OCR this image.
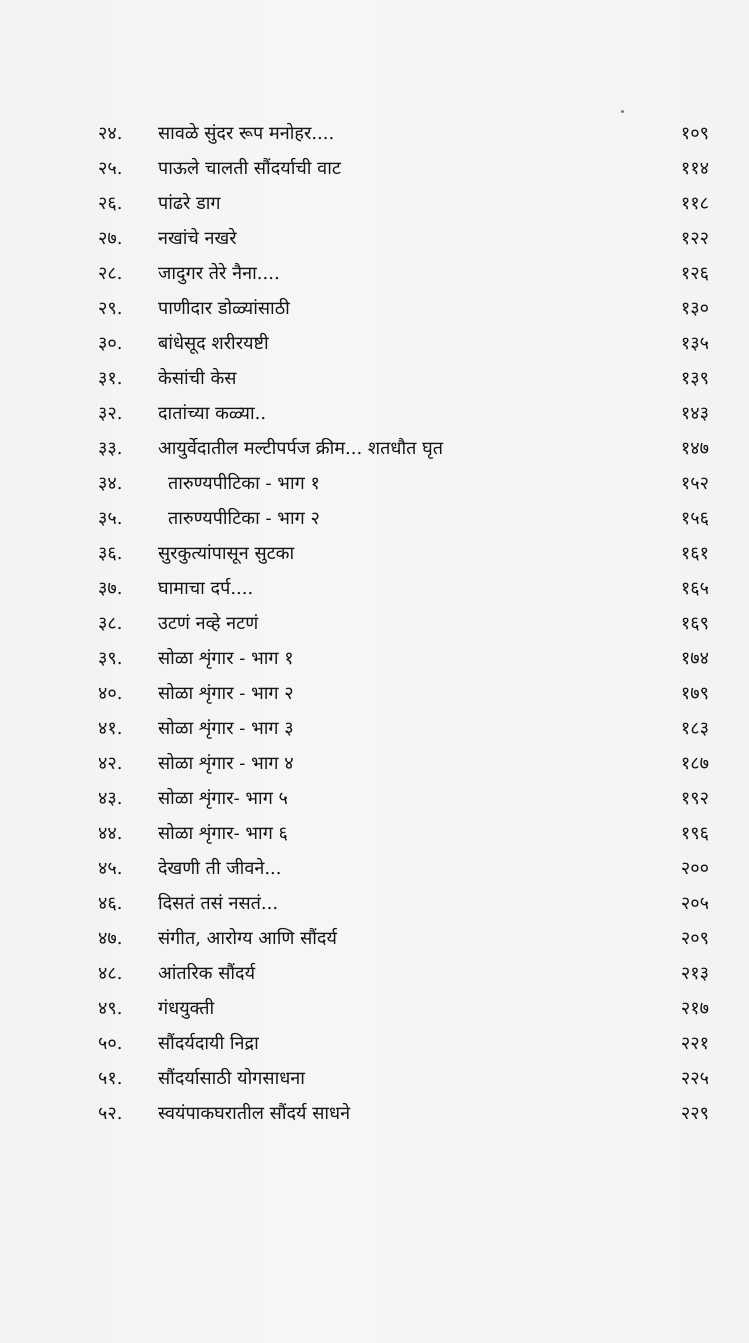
२४.	सावळे सुंदर रूप मनोहर....	१०९
२५.	पाऊले चालती सौंदर्याची वाट	११४
२६.	पांढरे डाग	११८
२७.	नखांचे नखरे	१२२
२८.	जादुगर तेरे नैना....	१२६
२९.	पाणीदार डोळ्यांसाठी	१३०
३०.	बांधेसूद शरीरयष्टी	१३५
३१.	केसांची केस	१३९
३२.	दातांच्या कळ्या..	१४३
३३.	आयुर्वेदातील मल्टीपर्पज क्रीम... शतधौत घृत	१४७
३४.	तारुण्यपीटिका - भाग १	१५२
३५.	तारुण्यपीटिका - भाग २	१५६
३६.	सुरकुत्यांपासून सुटका	१६१
३७.	घामाचा दर्प....	१६५
३८.	उटणं नव्हे नटणं	१६९
३९.	सोळा शृंगार - भाग १	१७४
४०.	सोळा शृंगार - भाग २	१७९
४१.	सोळा शृंगार - भाग ३	१८३
४२.	सोळा शृंगार - भाग ४	१८७
४३.	सोळा शृंगार- भाग ५	१९२
४४.	सोळा शृंगार- भाग ६	१९६
४५.	देखणी ती जीवने...	२००
४६.	दिसतं तसं नसतं...	२०५
४७.	संगीत, आरोग्य आणि सौंदर्य	२०९
४८.	आंतरिक सौंदर्य	२१३
४९.	गंधयुक्ती	२१७
५०.	सौंदर्यदायी निद्रा	२२१
५१.	सौंदर्यासाठी योगसाधना	२२५
५२.	स्वयंपाकघरातील सौंदर्य साधने	२२९
